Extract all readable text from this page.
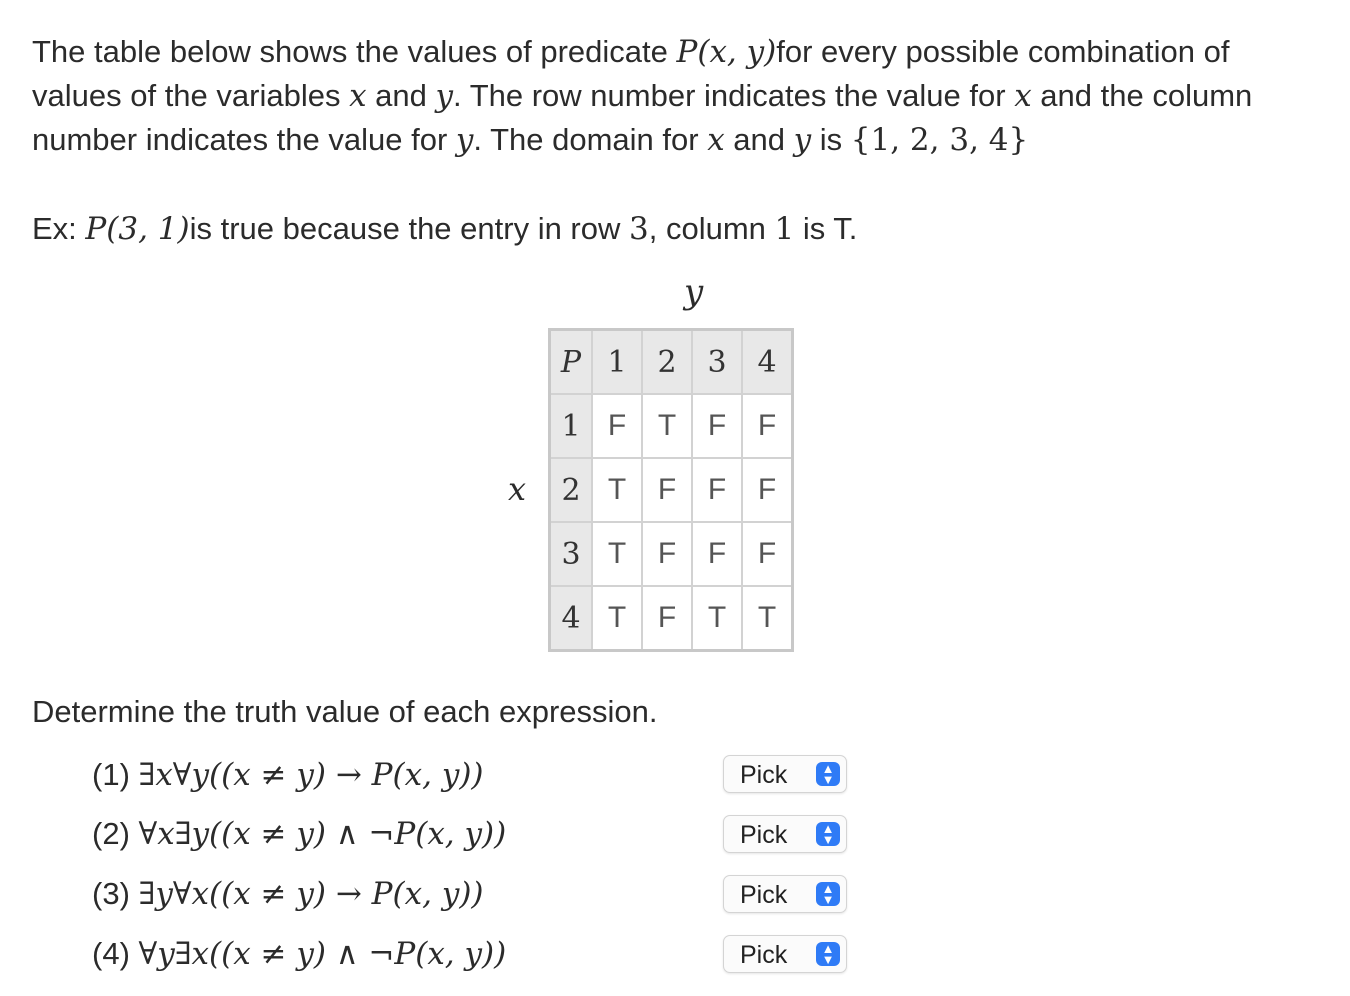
The table below shows the values of predicate P(x, y)for every possible combination of values of the variables x and y. The row number indicates the value for x and the column number indicates the value for y. The domain for x and y is {1, 2, 3, 4}

Ex: P(3, 1)is true because the entry in row 3, column 1 is T.

y
x
P	1	2	3	4
1	F	T	F	F
2	T	F	F	F
3	T	F	F	F
4	T	F	T	T

Determine the truth value of each expression.

(1) ∃x∀y((x ≠ y) → P(x, y))	Pick	▲
▼
(2) ∀x∃y((x ≠ y) ∧ ¬P(x, y))	Pick	▲
▼
(3) ∃y∀x((x ≠ y) → P(x, y))	Pick	▲
▼
(4) ∀y∃x((x ≠ y) ∧ ¬P(x, y))	Pick	▲
▼
